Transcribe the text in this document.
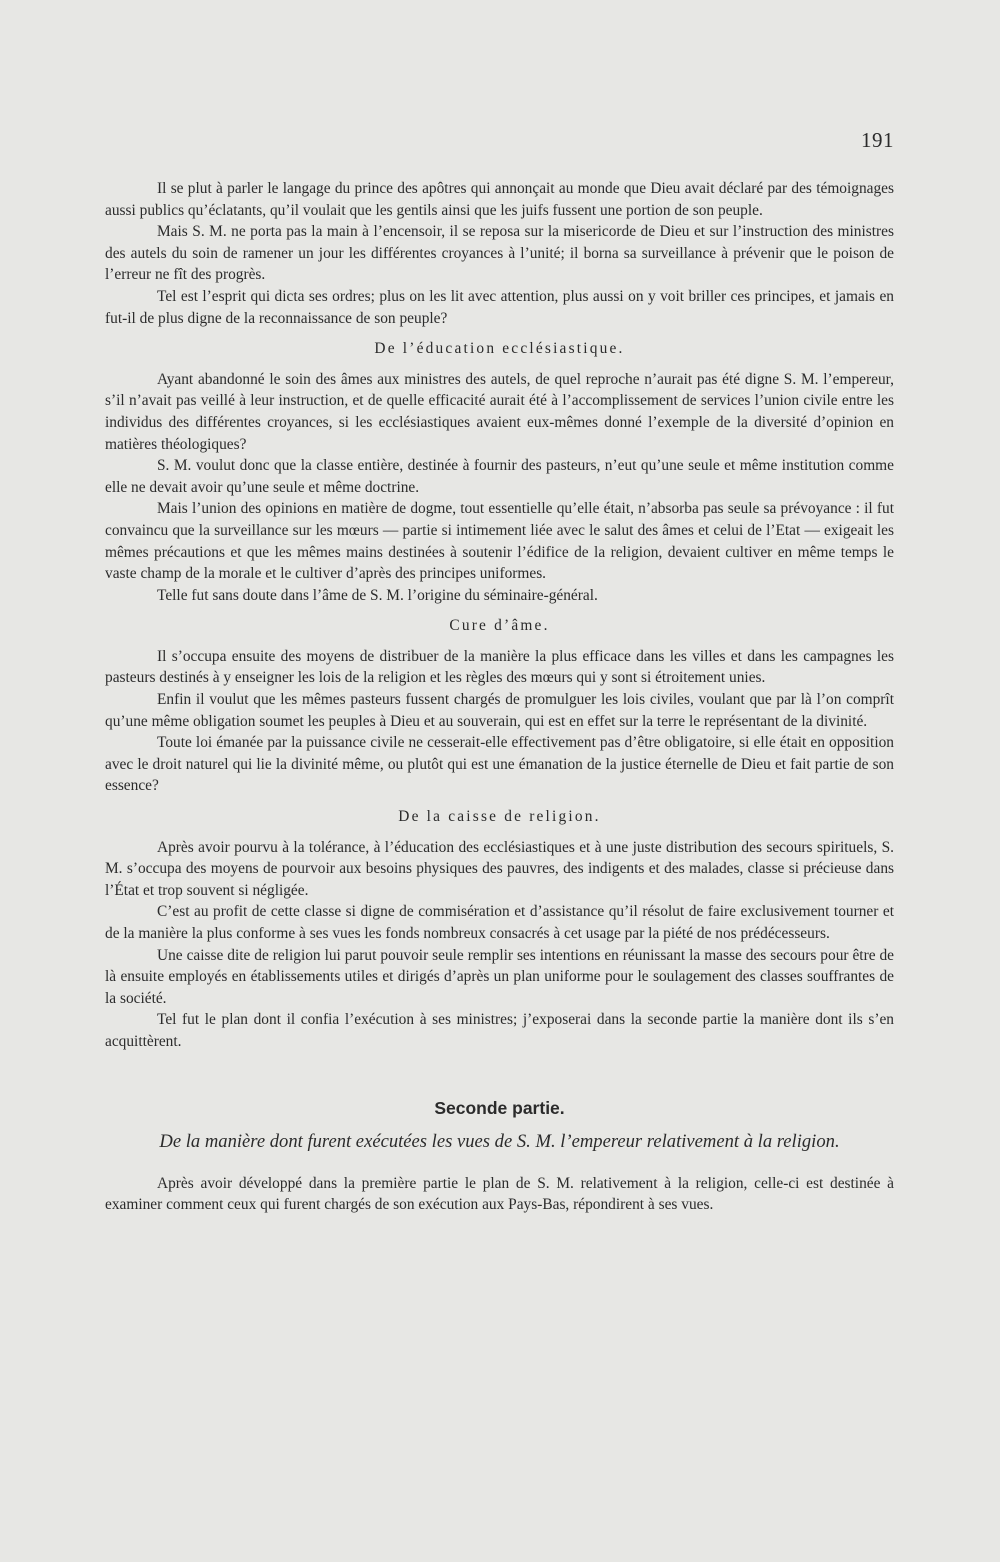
191

Il se plut à parler le langage du prince des apôtres qui annonçait au monde que Dieu avait déclaré par des témoignages aussi publics qu’éclatants, qu’il voulait que les gentils ainsi que les juifs fussent une portion de son peuple.

Mais S. M. ne porta pas la main à l’encensoir, il se reposa sur la misericorde de Dieu et sur l’instruction des ministres des autels du soin de ramener un jour les différentes croyances à l’unité; il borna sa surveillance à prévenir que le poison de l’erreur ne fît des progrès.

Tel est l’esprit qui dicta ses ordres; plus on les lit avec attention, plus aussi on y voit briller ces principes, et jamais en fut-il de plus digne de la reconnaissance de son peuple?

De l’éducation ecclésiastique.

Ayant abandonné le soin des âmes aux ministres des autels, de quel reproche n’aurait pas été digne S. M. l’empereur, s’il n’avait pas veillé à leur instruction, et de quelle efficacité aurait été à l’accomplissement de services l’union civile entre les individus des différentes croyances, si les ecclésiastiques avaient eux-mêmes donné l’exemple de la diversité d’opinion en matières théologiques?

S. M. voulut donc que la classe entière, destinée à fournir des pasteurs, n’eut qu’une seule et même institution comme elle ne devait avoir qu’une seule et même doctrine.

Mais l’union des opinions en matière de dogme, tout essentielle qu’elle était, n’absorba pas seule sa prévoyance : il fut convaincu que la surveillance sur les mœurs — partie si intimement liée avec le salut des âmes et celui de l’Etat — exigeait les mêmes précautions et que les mêmes mains destinées à soutenir l’édifice de la religion, devaient cultiver en même temps le vaste champ de la morale et le cultiver d’après des principes uniformes.

Telle fut sans doute dans l’âme de S. M. l’origine du séminaire-général.

Cure d’âme.

Il s’occupa ensuite des moyens de distribuer de la manière la plus efficace dans les villes et dans les campagnes les pasteurs destinés à y enseigner les lois de la religion et les règles des mœurs qui y sont si étroitement unies.

Enfin il voulut que les mêmes pasteurs fussent chargés de promulguer les lois civiles, voulant que par là l’on comprît qu’une même obligation soumet les peuples à Dieu et au souverain, qui est en effet sur la terre le représentant de la divinité.

Toute loi émanée par la puissance civile ne cesserait-elle effectivement pas d’être obligatoire, si elle était en opposition avec le droit naturel qui lie la divinité même, ou plutôt qui est une émanation de la justice éternelle de Dieu et fait partie de son essence?

De la caisse de religion.

Après avoir pourvu à la tolérance, à l’éducation des ecclésiastiques et à une juste distribution des secours spirituels, S. M. s’occupa des moyens de pourvoir aux besoins physiques des pauvres, des indigents et des malades, classe si précieuse dans l’État et trop souvent si négligée.

C’est au profit de cette classe si digne de commisération et d’assistance qu’il résolut de faire exclusivement tourner et de la manière la plus conforme à ses vues les fonds nombreux consacrés à cet usage par la piété de nos prédécesseurs.

Une caisse dite de religion lui parut pouvoir seule remplir ses intentions en réunissant la masse des secours pour être de là ensuite employés en établissements utiles et dirigés d’après un plan uniforme pour le soulagement des classes souffrantes de la société.

Tel fut le plan dont il confia l’exécution à ses ministres; j’exposerai dans la seconde partie la manière dont ils s’en acquittèrent.

Seconde partie.
De la manière dont furent exécutées les vues de S. M. l’empereur relativement à la religion.

Après avoir développé dans la première partie le plan de S. M. relativement à la religion, celle-ci est destinée à examiner comment ceux qui furent chargés de son exécution aux Pays-Bas, répondirent à ses vues.
